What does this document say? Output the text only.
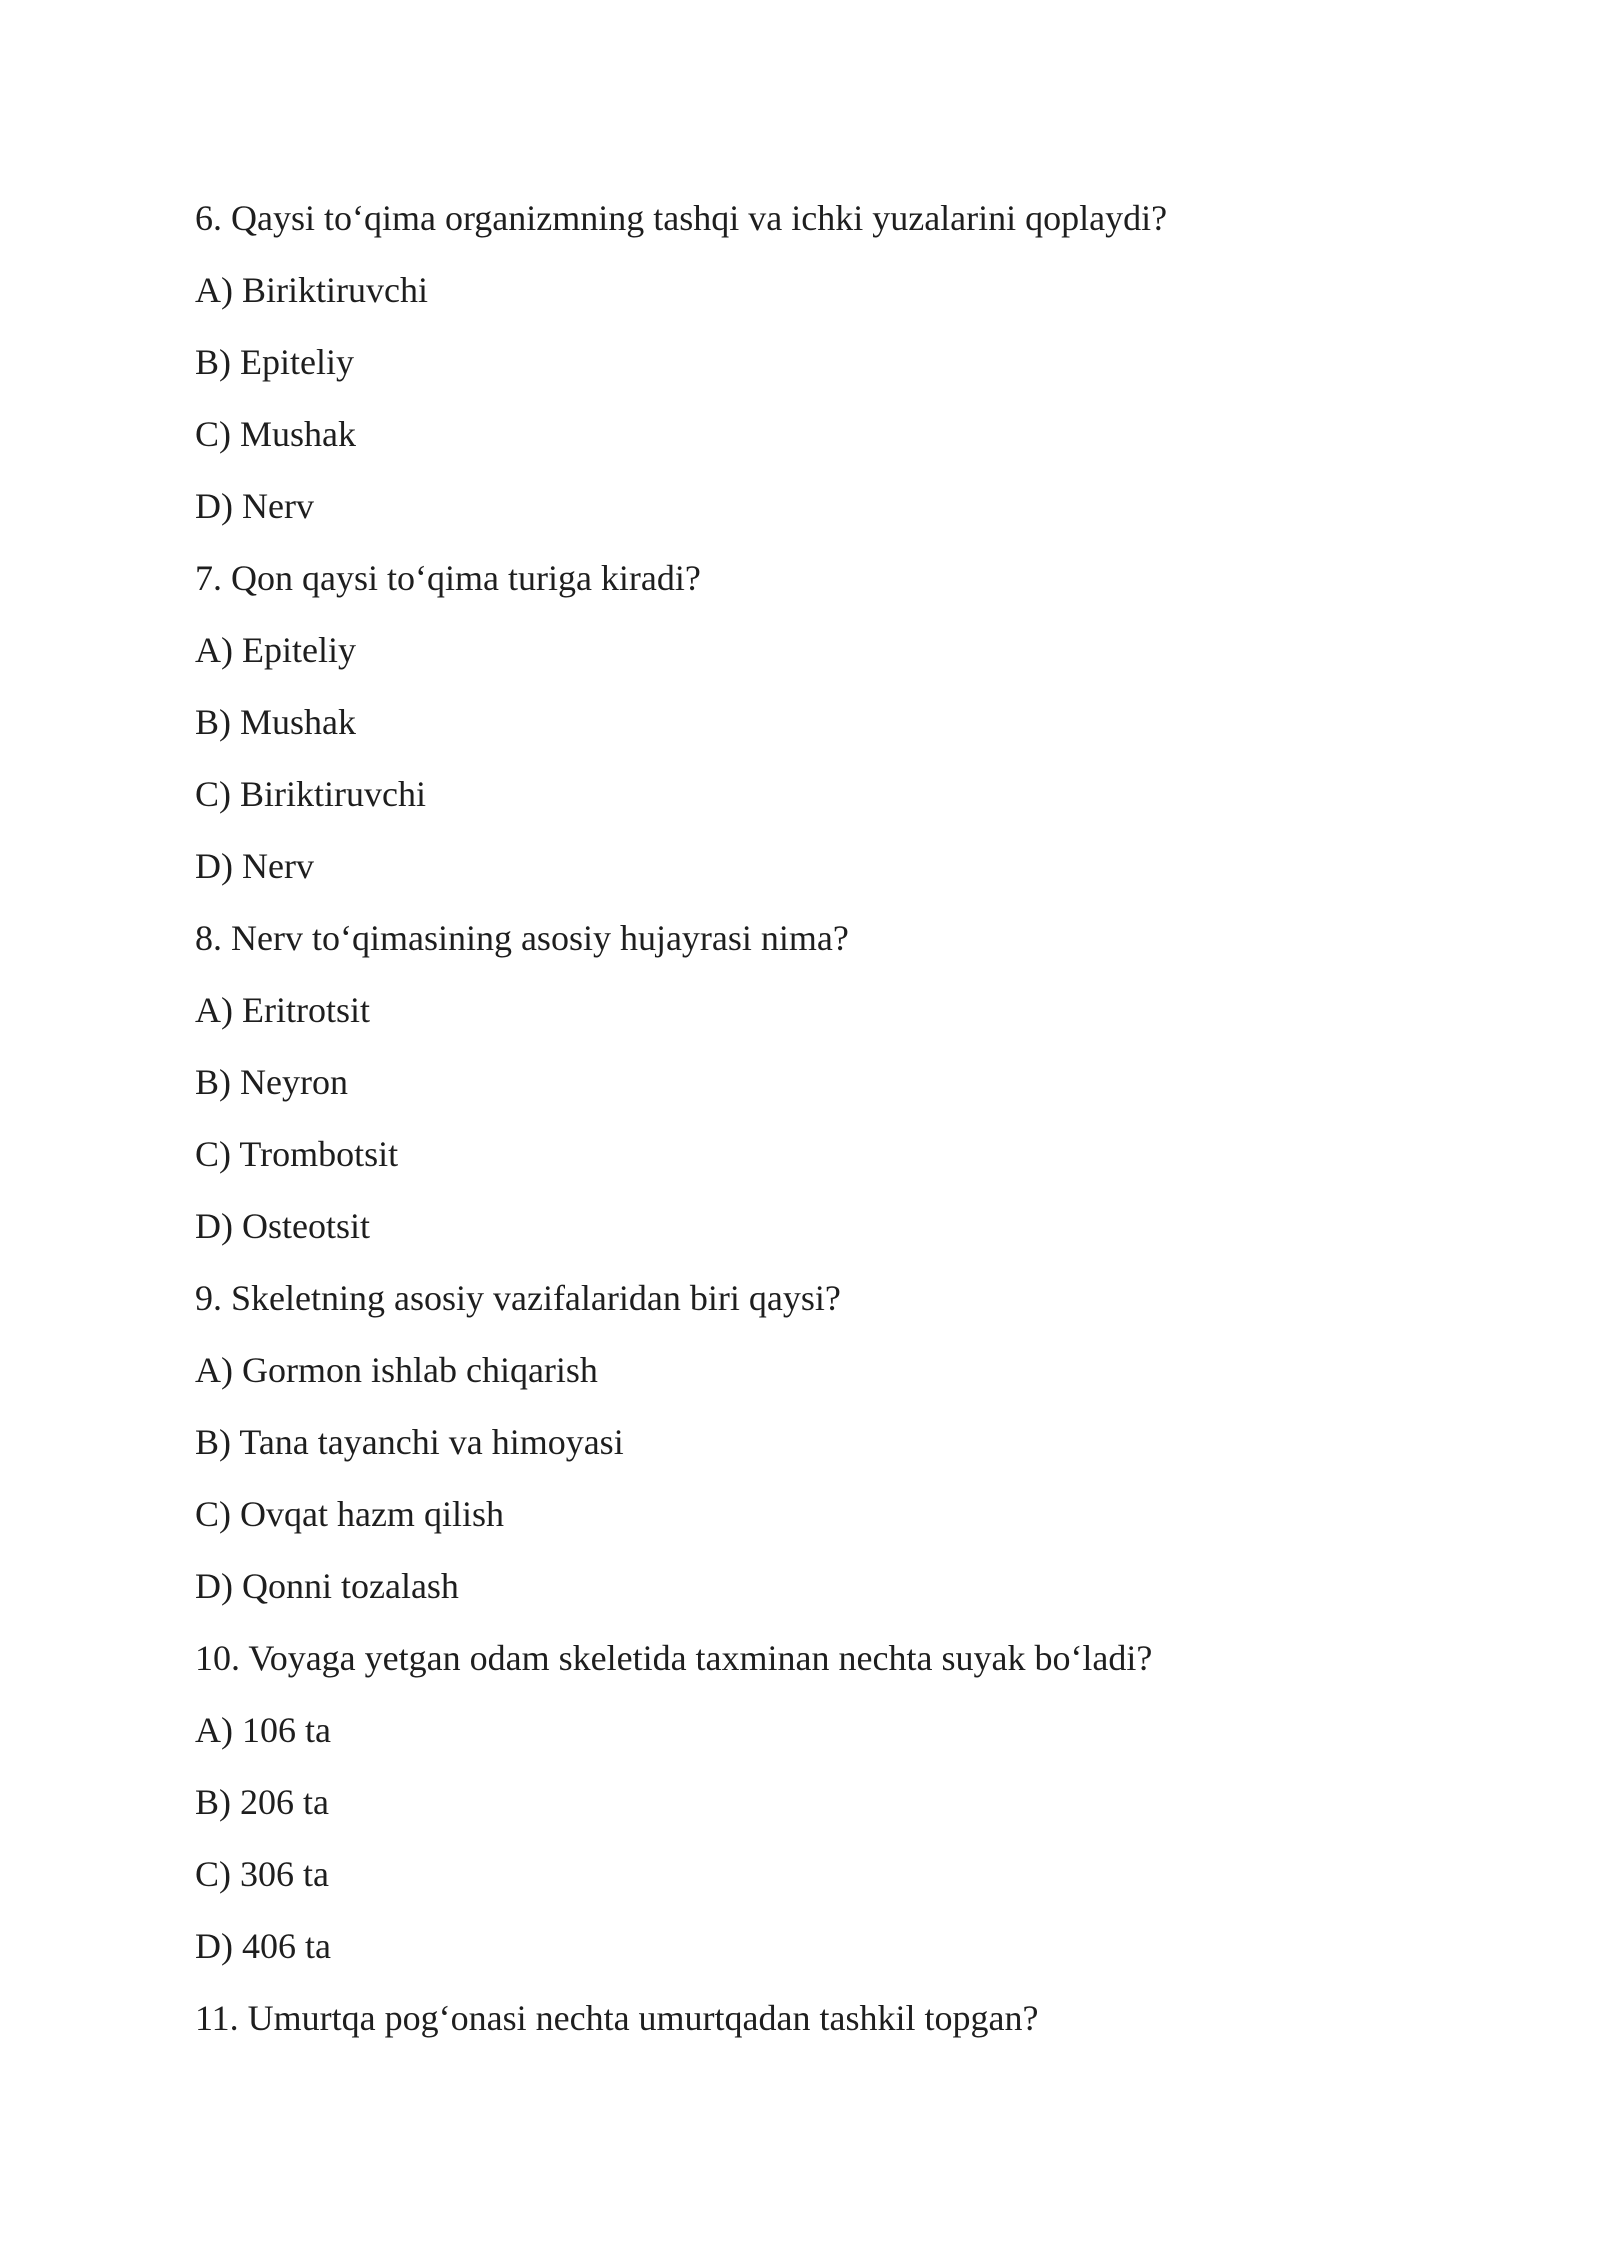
6. Qaysi to‘qima organizmning tashqi va ichki yuzalarini qoplaydi?

A) Biriktiruvchi

B) Epiteliy

C) Mushak

D) Nerv

7. Qon qaysi to‘qima turiga kiradi?

A) Epiteliy

B) Mushak

C) Biriktiruvchi

D) Nerv

8. Nerv to‘qimasining asosiy hujayrasi nima?

A) Eritrotsit

B) Neyron

C) Trombotsit

D) Osteotsit

9. Skeletning asosiy vazifalaridan biri qaysi?

A) Gormon ishlab chiqarish

B) Tana tayanchi va himoyasi

C) Ovqat hazm qilish

D) Qonni tozalash

10. Voyaga yetgan odam skeletida taxminan nechta suyak bo‘ladi?

A) 106 ta

B) 206 ta

C) 306 ta

D) 406 ta

11. Umurtqa pog‘onasi nechta umurtqadan tashkil topgan?
